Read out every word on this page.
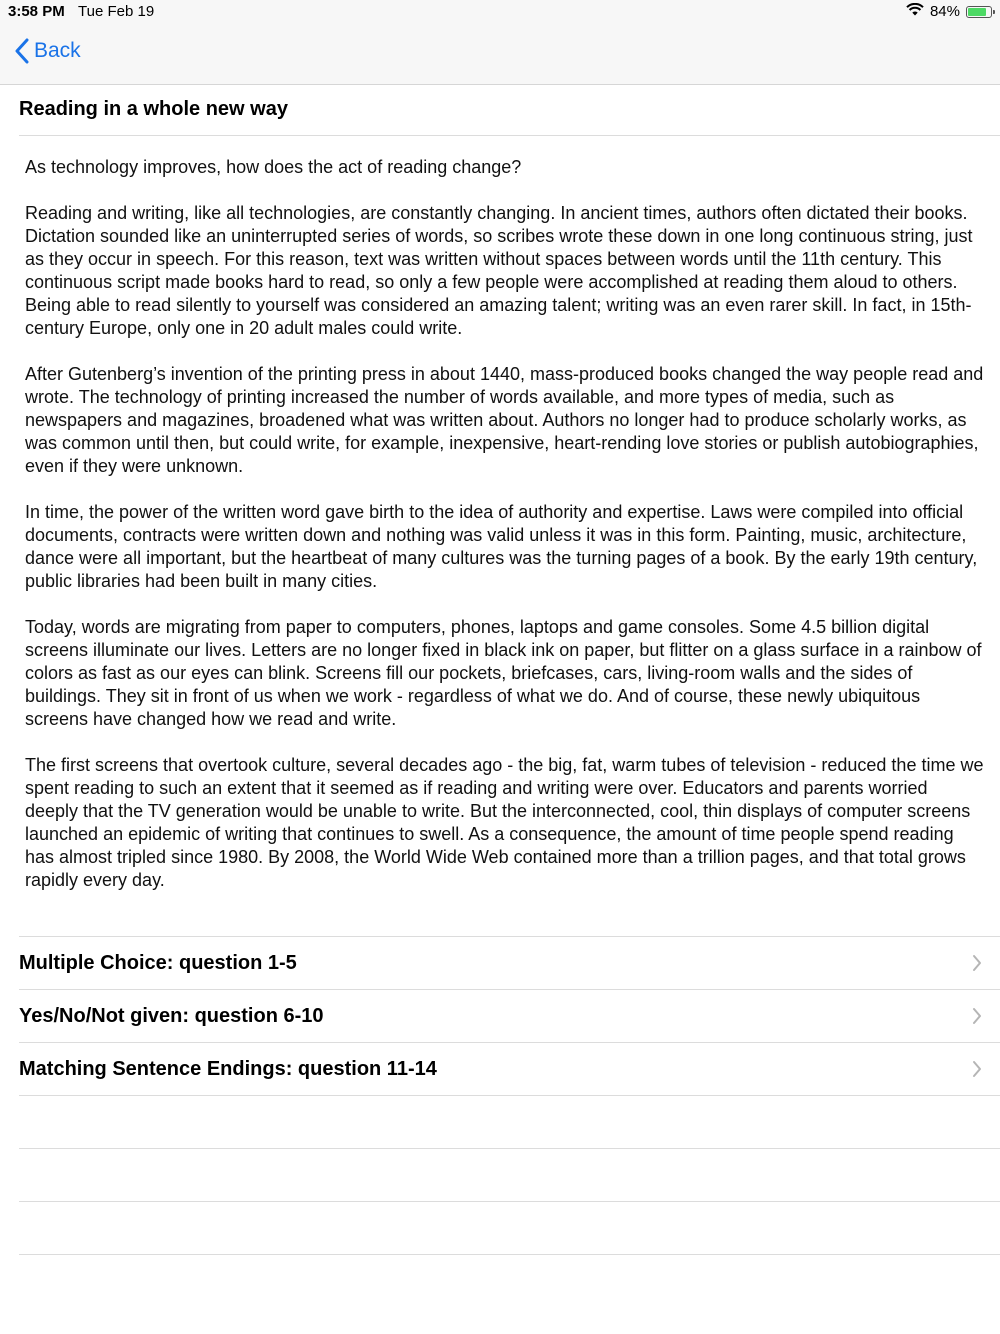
3:58 PM Tue Feb 19	84%
Back
Reading in a whole new way

As technology improves, how does the act of reading change?

Reading and writing, like all technologies, are constantly changing. In ancient times, authors often dictated their books. Dictation sounded like an uninterrupted series of words, so scribes wrote these down in one long continuous string, just as they occur in speech. For this reason, text was written without spaces between words until the 11th century. This continuous script made books hard to read, so only a few people were accomplished at reading them aloud to others. Being able to read silently to yourself was considered an amazing talent; writing was an even rarer skill. In fact, in 15th-century Europe, only one in 20 adult males could write.

After Gutenberg’s invention of the printing press in about 1440, mass-produced books changed the way people read and wrote. The technology of printing increased the number of words available, and more types of media, such as newspapers and magazines, broadened what was written about. Authors no longer had to produce scholarly works, as was common until then, but could write, for example, inexpensive, heart-rending love stories or publish autobiographies, even if they were unknown.

In time, the power of the written word gave birth to the idea of authority and expertise. Laws were compiled into official documents, contracts were written down and nothing was valid unless it was in this form. Painting, music, architecture, dance were all important, but the heartbeat of many cultures was the turning pages of a book. By the early 19th century, public libraries had been built in many cities.

Today, words are migrating from paper to computers, phones, laptops and game consoles. Some 4.5 billion digital screens illuminate our lives. Letters are no longer fixed in black ink on paper, but flitter on a glass surface in a rainbow of colors as fast as our eyes can blink. Screens fill our pockets, briefcases, cars, living-room walls and the sides of buildings. They sit in front of us when we work - regardless of what we do. And of course, these newly ubiquitous screens have changed how we read and write.

The first screens that overtook culture, several decades ago - the big, fat, warm tubes of television - reduced the time we spent reading to such an extent that it seemed as if reading and writing were over. Educators and parents worried deeply that the TV generation would be unable to write. But the interconnected, cool, thin displays of computer screens launched an epidemic of writing that continues to swell. As a consequence, the amount of time people spend reading has almost tripled since 1980. By 2008, the World Wide Web contained more than a trillion pages, and that total grows rapidly every day.

Multiple Choice: question 1-5
Yes/No/Not given: question 6-10
Matching Sentence Endings: question 11-14
